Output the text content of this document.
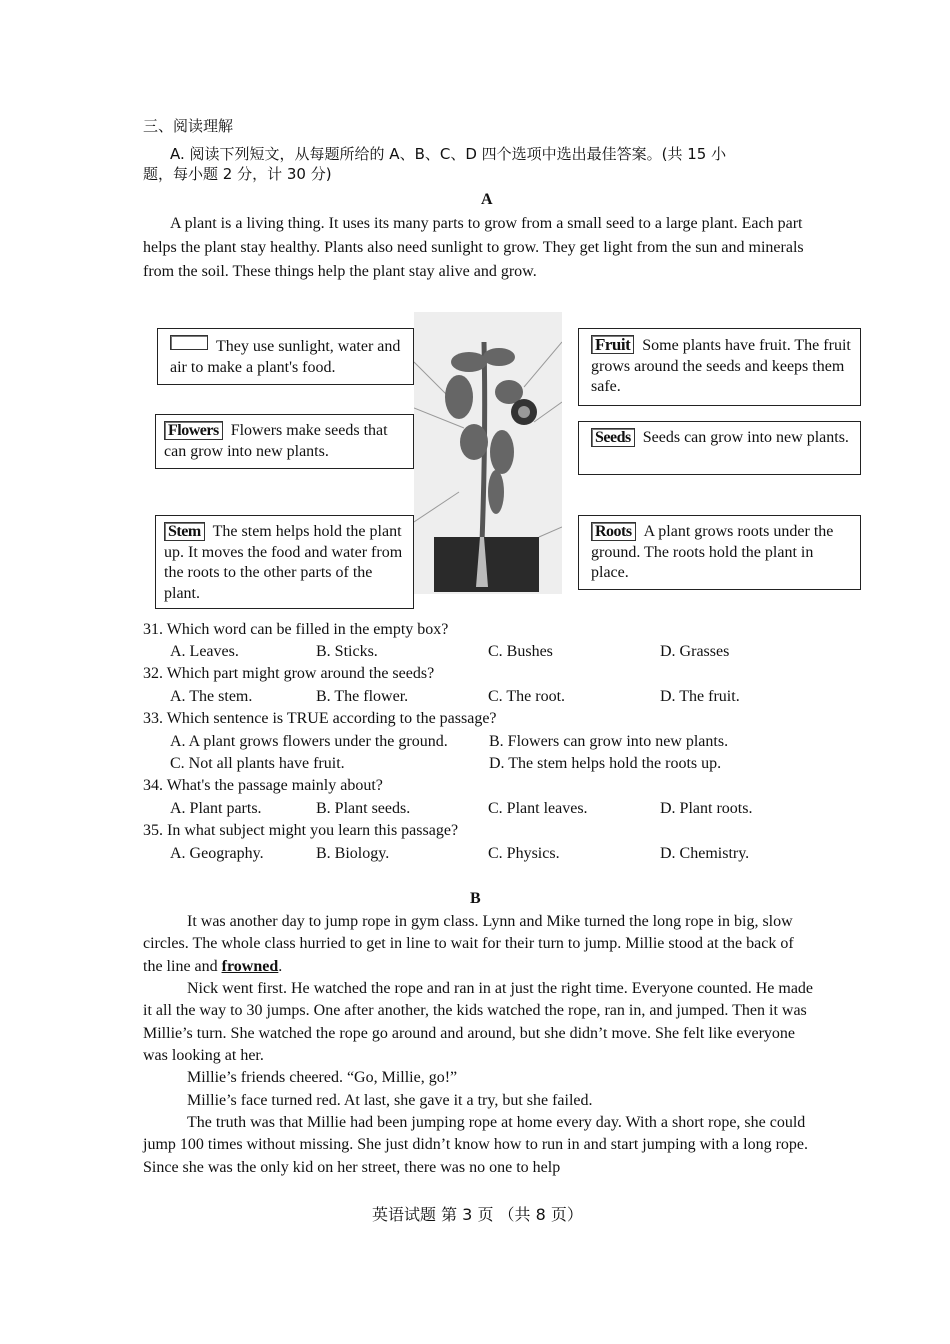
三、阅读理解
A. 阅读下列短文，从每题所给的 A、B、C、D 四个选项中选出最佳答案。(共 15 小
题，每小题 2 分，计 30 分)
A

A plant is a living thing. It uses its many parts to grow from a small seed to a large plant. Each part helps the plant stay healthy. Plants also need sunlight to grow. They get light from the sun and minerals from the soil. These things help the plant stay alive and grow.

They use sunlight, water and air to make a plant's food.
Flowers Flowers make seeds that can grow into new plants.
Stem The stem helps hold the plant up. It moves the food and water from the roots to the other parts of the plant.
Fruit Some plants have fruit. The fruit grows around the seeds and keeps them safe.
Seeds Seeds can grow into new plants.
Roots A plant grows roots under the ground. The roots hold the plant in place.
31. Which word can be filled in the empty box?
A. Leaves.	B. Sticks.	C. Bushes	D. Grasses
32. Which part might grow around the seeds?
A. The stem.	B. The flower.	C. The root.	D. The fruit.
33. Which sentence is TRUE according to the passage?
A. A plant grows flowers under the ground.	B. Flowers can grow into new plants.
C. Not all plants have fruit.	D. The stem helps hold the roots up.
34. What's the passage mainly about?
A. Plant parts.	B. Plant seeds.	C. Plant leaves.	D. Plant roots.
35. In what subject might you learn this passage?
A. Geography.	B. Biology.	C. Physics.	D. Chemistry.
B

It was another day to jump rope in gym class. Lynn and Mike turned the long rope in big, slow circles. The whole class hurried to get in line to wait for their turn to jump. Millie stood at the back of the line and frowned.

Nick went first. He watched the rope and ran in at just the right time. Everyone counted. He made it all the way to 30 jumps. One after another, the kids watched the rope, ran in, and jumped. Then it was Millie’s turn. She watched the rope go around and around, but she didn’t move. She felt like everyone was looking at her.

Millie’s friends cheered. “Go, Millie, go!”

Millie’s face turned red. At last, she gave it a try, but she failed.

The truth was that Millie had been jumping rope at home every day. With a short rope, she could jump 100 times without missing. She just didn’t know how to run in and start jumping with a long rope. Since she was the only kid on her street, there was no one to help

英语试题 第 3 页 （共 8 页）
